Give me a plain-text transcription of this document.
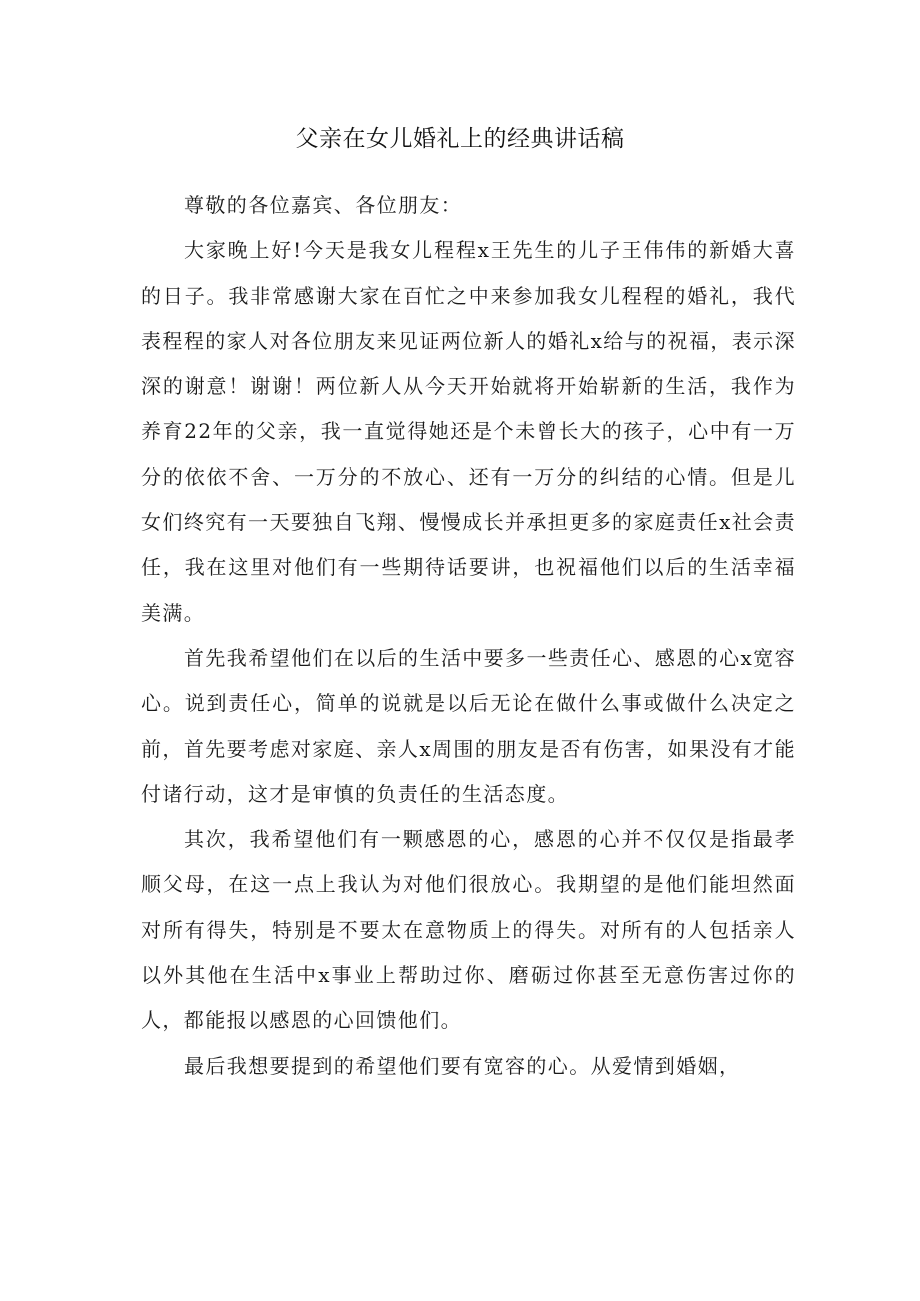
父亲在女儿婚礼上的经典讲话稿

尊敬的各位嘉宾、各位朋友：

大家晚上好!今天是我女儿程程x王先生的儿子王伟伟的新婚大喜的日子。我非常感谢大家在百忙之中来参加我女儿程程的婚礼，我代表程程的家人对各位朋友来见证两位新人的婚礼x给与的祝福，表示深深的谢意！谢谢！两位新人从今天开始就将开始崭新的生活，我作为养育22年的父亲，我一直觉得她还是个未曾长大的孩子，心中有一万分的依依不舍、一万分的不放心、还有一万分的纠结的心情。但是儿女们终究有一天要独自飞翔、慢慢成长并承担更多的家庭责任x社会责任，我在这里对他们有一些期待话要讲，也祝福他们以后的生活幸福美满。

首先我希望他们在以后的生活中要多一些责任心、感恩的心x宽容心。说到责任心，简单的说就是以后无论在做什么事或做什么决定之前，首先要考虑对家庭、亲人x周围的朋友是否有伤害，如果没有才能付诸行动，这才是审慎的负责任的生活态度。

其次，我希望他们有一颗感恩的心，感恩的心并不仅仅是指最孝顺父母，在这一点上我认为对他们很放心。我期望的是他们能坦然面对所有得失，特别是不要太在意物质上的得失。对所有的人包括亲人以外其他在生活中x事业上帮助过你、磨砺过你甚至无意伤害过你的人，都能报以感恩的心回馈他们。

最后我想要提到的希望他们要有宽容的心。从爱情到婚姻，
